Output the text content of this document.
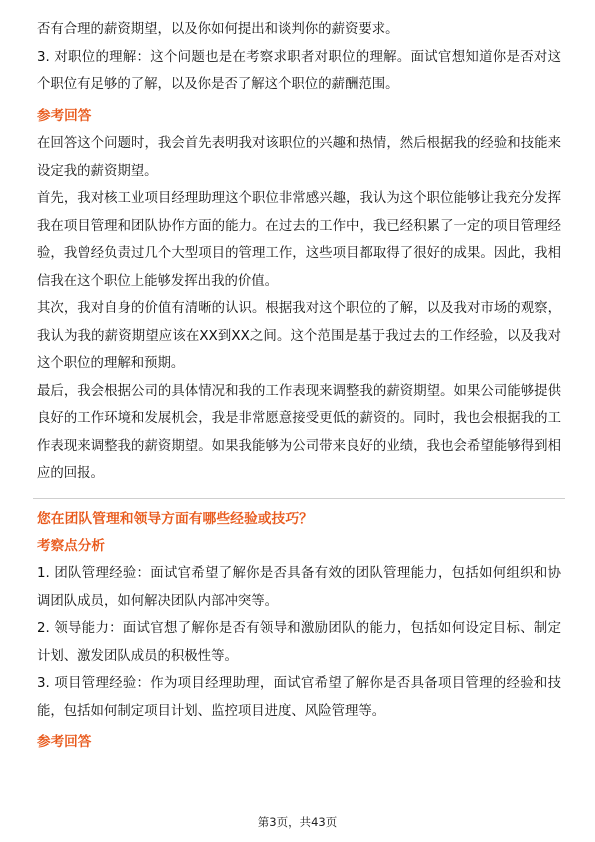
否有合理的薪资期望，以及你如何提出和谈判你的薪资要求。

3. 对职位的理解：这个问题也是在考察求职者对职位的理解。面试官想知道你是否对这个职位有足够的了解，以及你是否了解这个职位的薪酬范围。

参考回答

在回答这个问题时，我会首先表明我对该职位的兴趣和热情，然后根据我的经验和技能来设定我的薪资期望。

首先，我对核工业项目经理助理这个职位非常感兴趣，我认为这个职位能够让我充分发挥我在项目管理和团队协作方面的能力。在过去的工作中，我已经积累了一定的项目管理经验，我曾经负责过几个大型项目的管理工作，这些项目都取得了很好的成果。因此，我相信我在这个职位上能够发挥出我的价值。

其次，我对自身的价值有清晰的认识。根据我对这个职位的了解，以及我对市场的观察，我认为我的薪资期望应该在XX到XX之间。这个范围是基于我过去的工作经验，以及我对这个职位的理解和预期。

最后，我会根据公司的具体情况和我的工作表现来调整我的薪资期望。如果公司能够提供良好的工作环境和发展机会，我是非常愿意接受更低的薪资的。同时，我也会根据我的工作表现来调整我的薪资期望。如果我能够为公司带来良好的业绩，我也会希望能够得到相应的回报。

您在团队管理和领导方面有哪些经验或技巧？

考察点分析

1. 团队管理经验：面试官希望了解你是否具备有效的团队管理能力，包括如何组织和协调团队成员，如何解决团队内部冲突等。

2. 领导能力：面试官想了解你是否有领导和激励团队的能力，包括如何设定目标、制定计划、激发团队成员的积极性等。

3. 项目管理经验：作为项目经理助理，面试官希望了解你是否具备项目管理的经验和技能，包括如何制定项目计划、监控项目进度、风险管理等。

参考回答

第3页，共43页
